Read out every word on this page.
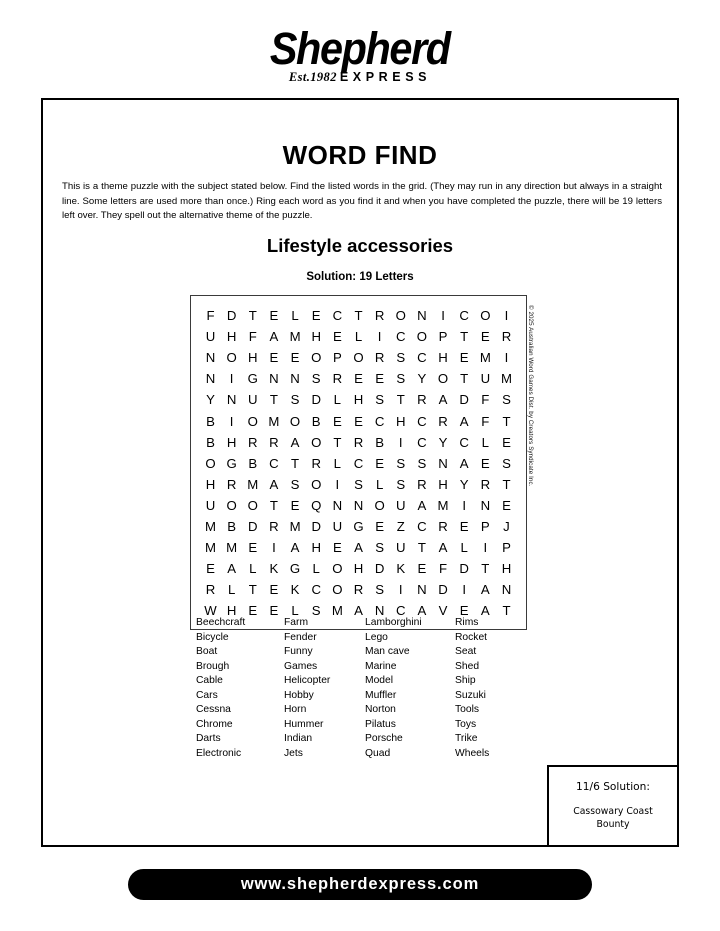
Shepherd
Est.1982 EXPRESS
WORD FIND
This is a theme puzzle with the subject stated below. Find the listed words in the grid. (They may run in any direction but always in a straight line. Some letters are used more than once.) Ring each word as you find it and when you have completed the puzzle, there will be 19 letters left over. They spell out the alternative theme of the puzzle.
Lifestyle accessories
Solution: 19 Letters
F D T E L E C T R O N	I	C O	I
U H F A M H E L	I	C O P T E R
N O H E E O P O R S C H E M	I
N	I	G N N S R E E S Y O T U M
Y N U T S D L H S T R A D F S
B	I	O M O B E E C H C R A F T
B H R R A O T R B	I	C Y C L E
O G B C T R L C E S S N A E S
H R M A S O	I	S L S R H Y R T
U O O T E Q N N O U A M	I	N E
M B D R M D U G E Z C R E P	J
M M E	I	A H E A S U T A L	I	P
E A L K G L O H D K E F D T H
R L	T E K C O R S	I	N D	I	A N
W H E E L S M A N C A V E A T
© 2025 Australian Word Games Dist. by Creators Syndicate Inc.
Beechcraft
Bicycle
Boat
Brough
Cable
Cars
Cessna
Chrome
Darts
Electronic
Farm
Fender
Funny
Games
Helicopter
Hobby
Horn
Hummer
Indian
Jets
Lamborghini
Lego
Man cave
Marine
Model
Muffler
Norton
Pilatus
Porsche
Quad
Rims
Rocket
Seat
Shed
Ship
Suzuki
Tools
Toys
Trike
Wheels
11/6 Solution:
Cassowary Coast
Bounty
www.shepherdexpress.com
